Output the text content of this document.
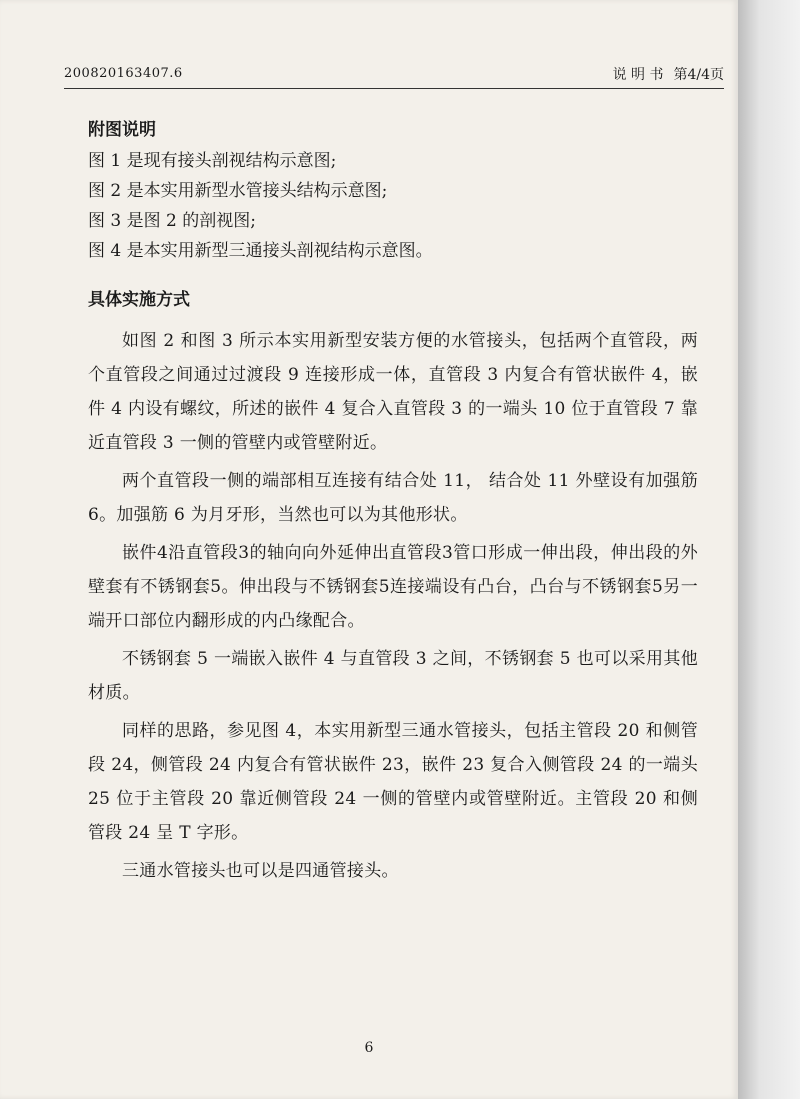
200820163407.6	说 明 书 第4/4页
附图说明

图 1 是现有接头剖视结构示意图;

图 2 是本实用新型水管接头结构示意图;

图 3 是图 2 的剖视图;

图 4 是本实用新型三通接头剖视结构示意图。

具体实施方式

如图 2 和图 3 所示本实用新型安装方便的水管接头，包括两个直管段，两个直管段之间通过过渡段 9 连接形成一体，直管段 3 内复合有管状嵌件 4，嵌件 4 内设有螺纹，所述的嵌件 4 复合入直管段 3 的一端头 10 位于直管段 7 靠近直管段 3 一侧的管壁内或管壁附近。

两个直管段一侧的端部相互连接有结合处 11， 结合处 11 外壁设有加强筋 6。加强筋 6 为月牙形，当然也可以为其他形状。

嵌件4沿直管段3的轴向向外延伸出直管段3管口形成一伸出段，伸出段的外壁套有不锈钢套5。伸出段与不锈钢套5连接端设有凸台，凸台与不锈钢套5另一端开口部位内翻形成的内凸缘配合。

不锈钢套 5 一端嵌入嵌件 4 与直管段 3 之间，不锈钢套 5 也可以采用其他材质。

同样的思路，参见图 4，本实用新型三通水管接头，包括主管段 20 和侧管段 24，侧管段 24 内复合有管状嵌件 23，嵌件 23 复合入侧管段 24 的一端头 25 位于主管段 20 靠近侧管段 24 一侧的管壁内或管壁附近。主管段 20 和侧管段 24 呈 T 字形。

三通水管接头也可以是四通管接头。

6
